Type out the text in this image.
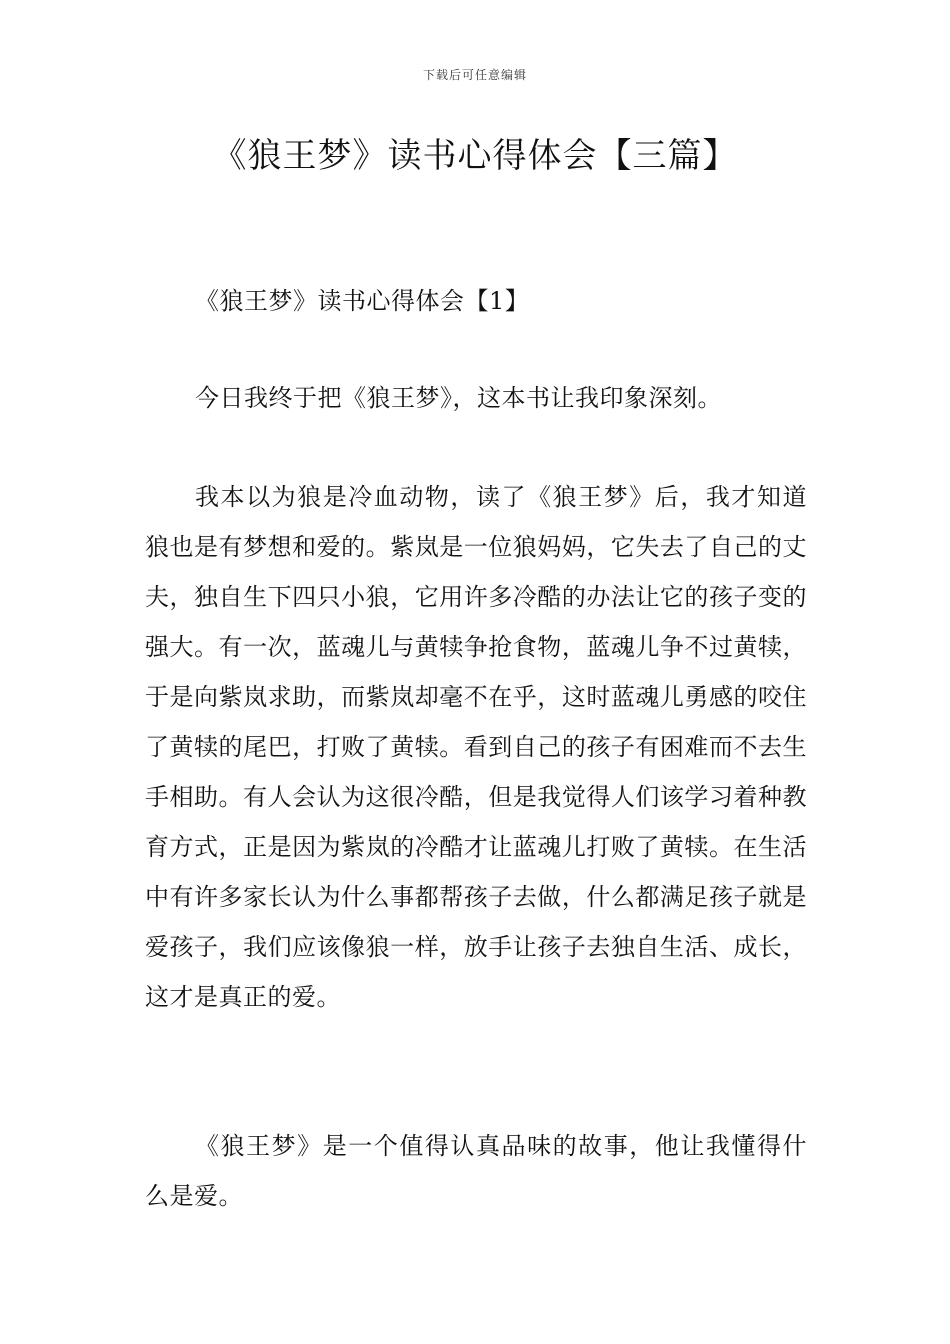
下载后可任意编辑
《狼王梦》读书心得体会【三篇】

《狼王梦》读书心得体会【1】

今日我终于把《狼王梦》，这本书让我印象深刻。

我本以为狼是冷血动物，读了《狼王梦》后，我才知道狼也是有梦想和爱的。紫岚是一位狼妈妈，它失去了自己的丈夫，独自生下四只小狼，它用许多冷酷的办法让它的孩子变的强大。有一次，蓝魂儿与黄犊争抢食物，蓝魂儿争不过黄犊，于是向紫岚求助，而紫岚却毫不在乎，这时蓝魂儿勇感的咬住了黄犊的尾巴，打败了黄犊。看到自己的孩子有困难而不去生手相助。有人会认为这很冷酷，但是我觉得人们该学习着种教育方式，正是因为紫岚的冷酷才让蓝魂儿打败了黄犊。在生活中有许多家长认为什么事都帮孩子去做，什么都满足孩子就是爱孩子，我们应该像狼一样，放手让孩子去独自生活、成长，这才是真正的爱。

《狼王梦》是一个值得认真品味的故事，他让我懂得什么是爱。
